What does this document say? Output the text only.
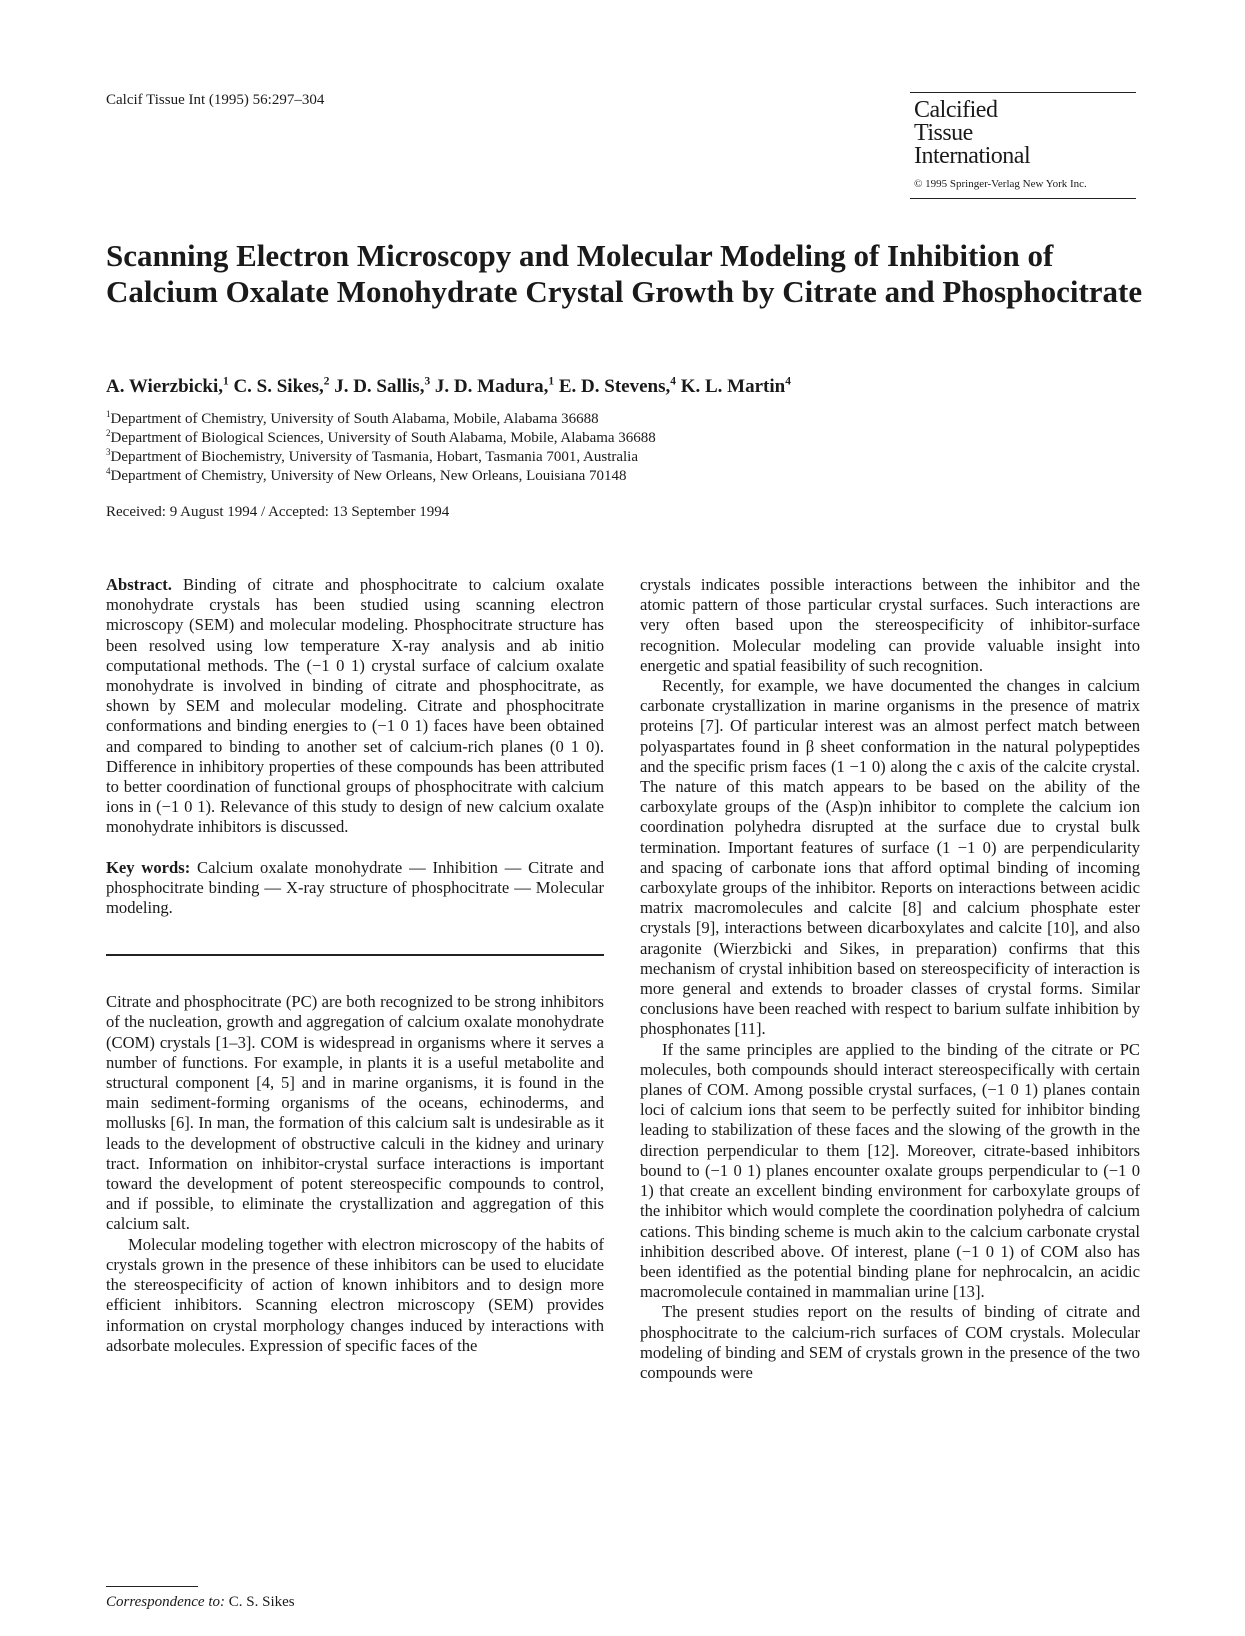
Calcif Tissue Int (1995) 56:297–304	Calcified
Tissue
International
© 1995 Springer-Verlag New York Inc.
Scanning Electron Microscopy and Molecular Modeling of Inhibition of Calcium Oxalate Monohydrate Crystal Growth by Citrate and Phosphocitrate
A. Wierzbicki,$^1$ C. S. Sikes,$^2$ J. D. Sallis,$^3$ J. D. Madura,$^1$ E. D. Stevens,$^4$ K. L. Martin$^4$
$^1$Department of Chemistry, University of South Alabama, Mobile, Alabama 36688
$^2$Department of Biological Sciences, University of South Alabama, Mobile, Alabama 36688
$^3$Department of Biochemistry, University of Tasmania, Hobart, Tasmania 7001, Australia
$^4$Department of Chemistry, University of New Orleans, New Orleans, Louisiana 70148
Received: 9 August 1994 / Accepted: 13 September 1994

Abstract. Binding of citrate and phosphocitrate to calcium oxalate monohydrate crystals has been studied using scanning electron microscopy (SEM) and molecular modeling. Phosphocitrate structure has been resolved using low temperature X-ray analysis and ab initio computational methods. The (−1 0 1) crystal surface of calcium oxalate monohydrate is involved in binding of citrate and phosphocitrate, as shown by SEM and molecular modeling. Citrate and phosphocitrate conformations and binding energies to (−1 0 1) faces have been obtained and compared to binding to another set of calcium-rich planes (0 1 0). Difference in inhibitory properties of these compounds has been attributed to better coordination of functional groups of phosphocitrate with calcium ions in (−1 0 1). Relevance of this study to design of new calcium oxalate monohydrate inhibitors is discussed.

Key words: Calcium oxalate monohydrate — Inhibition — Citrate and phosphocitrate binding — X-ray structure of phosphocitrate — Molecular modeling.

Citrate and phosphocitrate (PC) are both recognized to be strong inhibitors of the nucleation, growth and aggregation of calcium oxalate monohydrate (COM) crystals [1–3]. COM is widespread in organisms where it serves a number of functions. For example, in plants it is a useful metabolite and structural component [4, 5] and in marine organisms, it is found in the main sediment-forming organisms of the oceans, echinoderms, and mollusks [6]. In man, the formation of this calcium salt is undesirable as it leads to the development of obstructive calculi in the kidney and urinary tract. Information on inhibitor-crystal surface interactions is important toward the development of potent stereospecific compounds to control, and if possible, to eliminate the crystallization and aggregation of this calcium salt.

Molecular modeling together with electron microscopy of the habits of crystals grown in the presence of these inhibitors can be used to elucidate the stereospecificity of action of known inhibitors and to design more efficient inhibitors. Scanning electron microscopy (SEM) provides information on crystal morphology changes induced by interactions with adsorbate molecules. Expression of specific faces of the

crystals indicates possible interactions between the inhibitor and the atomic pattern of those particular crystal surfaces. Such interactions are very often based upon the stereospecificity of inhibitor-surface recognition. Molecular modeling can provide valuable insight into energetic and spatial feasibility of such recognition.

Recently, for example, we have documented the changes in calcium carbonate crystallization in marine organisms in the presence of matrix proteins [7]. Of particular interest was an almost perfect match between polyaspartates found in β sheet conformation in the natural polypeptides and the specific prism faces (1 −1 0) along the c axis of the calcite crystal. The nature of this match appears to be based on the ability of the carboxylate groups of the (Asp)n inhibitor to complete the calcium ion coordination polyhedra disrupted at the surface due to crystal bulk termination. Important features of surface (1 −1 0) are perpendicularity and spacing of carbonate ions that afford optimal binding of incoming carboxylate groups of the inhibitor. Reports on interactions between acidic matrix macromolecules and calcite [8] and calcium phosphate ester crystals [9], interactions between dicarboxylates and calcite [10], and also aragonite (Wierzbicki and Sikes, in preparation) confirms that this mechanism of crystal inhibition based on stereospecificity of interaction is more general and extends to broader classes of crystal forms. Similar conclusions have been reached with respect to barium sulfate inhibition by phosphonates [11].

If the same principles are applied to the binding of the citrate or PC molecules, both compounds should interact stereospecifically with certain planes of COM. Among possible crystal surfaces, (−1 0 1) planes contain loci of calcium ions that seem to be perfectly suited for inhibitor binding leading to stabilization of these faces and the slowing of the growth in the direction perpendicular to them [12]. Moreover, citrate-based inhibitors bound to (−1 0 1) planes encounter oxalate groups perpendicular to (−1 0 1) that create an excellent binding environment for carboxylate groups of the inhibitor which would complete the coordination polyhedra of calcium cations. This binding scheme is much akin to the calcium carbonate crystal inhibition described above. Of interest, plane (−1 0 1) of COM also has been identified as the potential binding plane for nephrocalcin, an acidic macromolecule contained in mammalian urine [13].

The present studies report on the results of binding of citrate and phosphocitrate to the calcium-rich surfaces of COM crystals. Molecular modeling of binding and SEM of crystals grown in the presence of the two compounds were

Correspondence to: C. S. Sikes
